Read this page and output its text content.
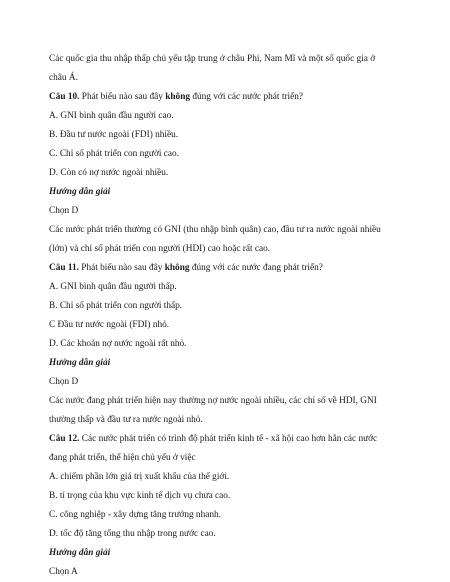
Các quốc gia thu nhập thấp chủ yếu tập trung ở châu Phi, Nam Mĩ và một số quốc gia ở
châu Á.
Câu 10. Phát biểu nào sau đây không đúng với các nước phát triển?
A. GNI bình quân đầu người cao.
B. Đầu tư nước ngoài (FDI) nhiều.
C. Chỉ số phát triển con người cao.
D. Còn có nợ nước ngoài nhiều.
Hướng dẫn giải
Chọn D
Các nước phát triển thường có GNI (thu nhập bình quân) cao, đầu tư ra nước ngoài nhiều
(lớn) và chỉ số phát triển con người (HDI) cao hoặc rất cao.
Câu 11. Phát biểu nào sau đây không đúng với các nước đang phát triển?
A. GNI bình quân đầu người thấp.
B. Chỉ số phát triển con người thấp.
C Đầu tư nước ngoài (FDI) nhỏ.
D. Các khoản nợ nước ngoài rất nhỏ.
Hướng dẫn giải
Chọn D
Các nước đang phát triển hiện nay thường nợ nước ngoài nhiều, các chỉ số về HDI, GNI
thường thấp và đầu tư ra nước ngoài nhỏ.
Câu 12. Các nước phát triển có trình độ phát triển kinh tế - xã hội cao hơn hẳn các nước
đang phát triển, thể hiện chủ yếu ở việc
A. chiếm phần lớn giá trị xuất khẩu của thế giới.
B. tỉ trọng của khu vực kinh tế dịch vụ chưa cao.
C. công nghiệp - xây dựng tăng trưởng nhanh.
D. tốc độ tăng tổng thu nhập trong nước cao.
Hướng dẫn giải
Chọn A
